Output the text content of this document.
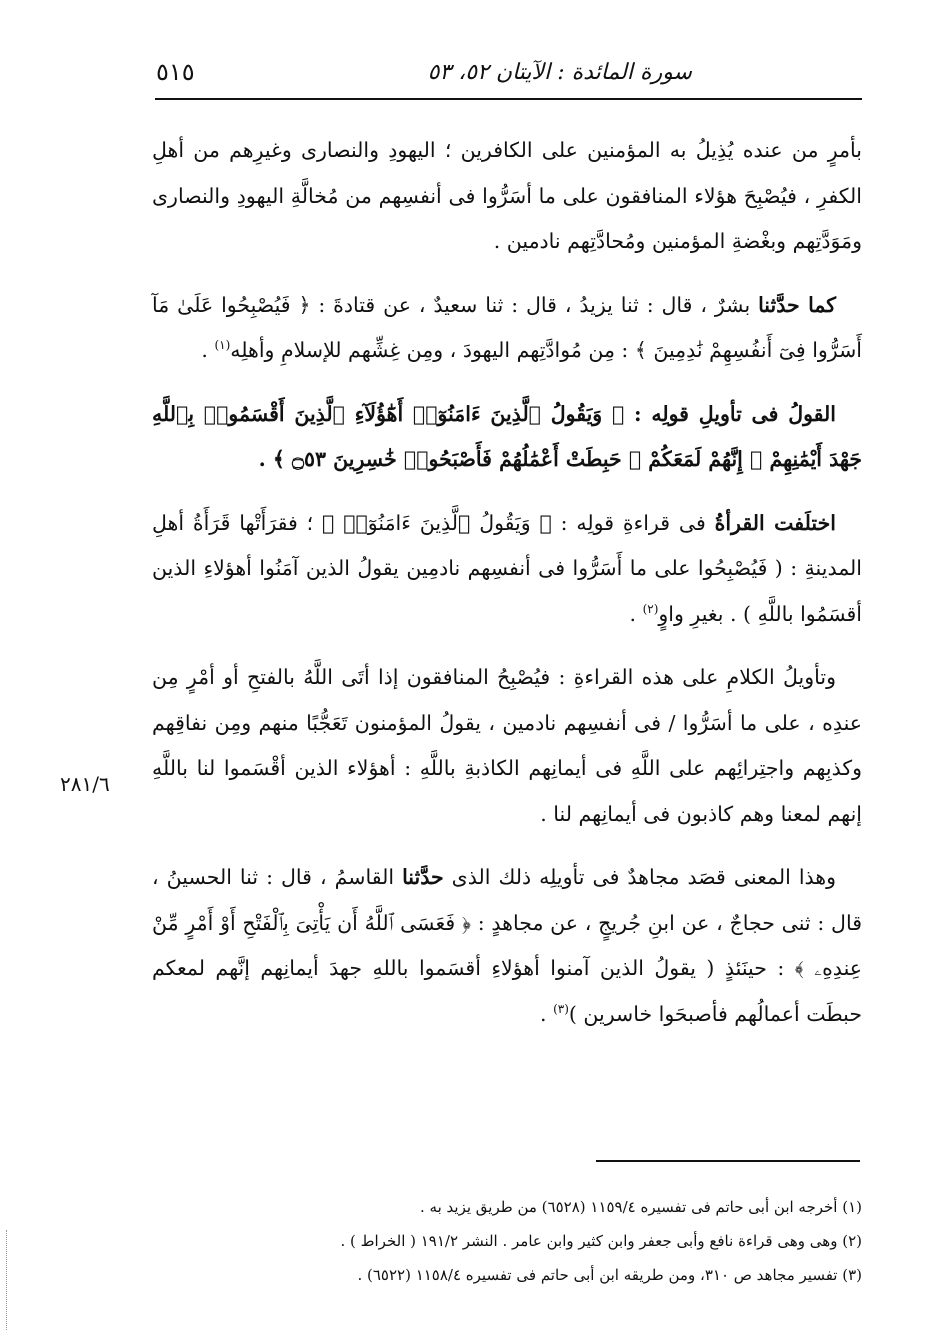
سورة المائدة : الآيتان ٥٢، ٥٣
٥١٥

بأمرٍ من عنده يُذِيلُ به المؤمنين على الكافرين ؛ اليهودِ والنصارى وغيرِهم من أهلِ الكفرِ ، فيُصْبِحَ هؤلاء المنافقون على ما أسَرُّوا فى أنفسِهم من مُخالَّةِ اليهودِ والنصارى ومَوَدَّتِهم وبغْضةِ المؤمنين ومُحادَّتِهم نادمين .

كما حدَّثنا بشرٌ ، قال : ثنا يزيدُ ، قال : ثنا سعيدٌ ، عن قتادةَ : ﴿ فَيُصْبِحُوا عَلَىٰ مَآ أَسَرُّوا فِىٓ أَنفُسِهِمْ نَٰدِمِينَ ﴾ : مِن مُوادَّتِهم اليهودَ ، ومِن غِشِّهم للإسلامِ وأهلِه$^{(١)}$ .

القولُ فى تأويلِ قولِه : ﴿ وَيَقُولُ ٱلَّذِينَ ءَامَنُوٓا۟ أَهَٰٓؤُلَآءِ ٱلَّذِينَ أَقْسَمُوا۟ بِٱللَّهِ جَهْدَ أَيْمَٰنِهِمْ ۙ إِنَّهُمْ لَمَعَكُمْ ۚ حَبِطَتْ أَعْمَٰلُهُمْ فَأَصْبَحُوا۟ خَٰسِرِينَ ۝٥٣ ﴾ .

اختلَفت القرأةُ فى قراءةِ قولِه : ﴿ وَيَقُولُ ٱلَّذِينَ ءَامَنُوٓا۟ ﴾ ؛ فقرَأَتْها قَرَأَةُ أهلِ المدينةِ : ( فَيُصْبِحُوا على ما أَسَرُّوا فى أنفسِهم نادمِين يقولُ الذين آمَنُوا أهؤلاءِ الذين أقسَمُوا باللَّهِ ) . بغيرِ واوٍ$^{(٢)}$ .

وتأويلُ الكلامِ على هذه القراءةِ : فيُصْبِحُ المنافقون إذا أتَى اللَّهُ بالفتحِ أو أمْرٍ مِن عندِه ، على ما أسَرُّوا / فى أنفسِهم نادمين ، يقولُ المؤمنون تَعَجُّبًا منهم ومِن نفاقِهم وكذبِهم واجتِرائِهم على اللَّهِ فى أيمانِهم الكاذبةِ باللَّهِ : أهؤلاء الذين أقْسَموا لنا باللَّهِ إنهم لمعنا وهم كاذبون فى أيمانِهم لنا .

وهذا المعنى قصَد مجاهدٌ فى تأويلِه ذلك الذى حدَّثنا القاسمُ ، قال : ثنا الحسينُ ، قال : ثنى حجاجٌ ، عن ابنِ جُريجٍ ، عن مجاهدٍ : ﴿ فَعَسَى ٱللَّهُ أَن يَأْتِىَ بِٱلْفَتْحِ أَوْ أَمْرٍ مِّنْ عِندِهِۦ ﴾ : حينَئذٍ ( يقولُ الذين آمنوا أهؤلاءِ أقسَموا باللهِ جهدَ أيمانِهم إنَّهم لمعكم حبطَت أعمالُهم فأصبحَوا خاسرين )$^{(٣)}$ .

٢٨١/٦

(١) أخرجه ابن أبى حاتم فى تفسيره ١١٥٩/٤ (٦٥٢٨) من طريق يزيد به .

(٢) وهى وهى قراءة نافع وأبى جعفر وابن كثير وابن عامر . النشر ١٩١/٢ ( الخراط ) .

(٣) تفسير مجاهد ص ٣١٠، ومن طريقه ابن أبى حاتم فى تفسيره ١١٥٨/٤ (٦٥٢٢) .
